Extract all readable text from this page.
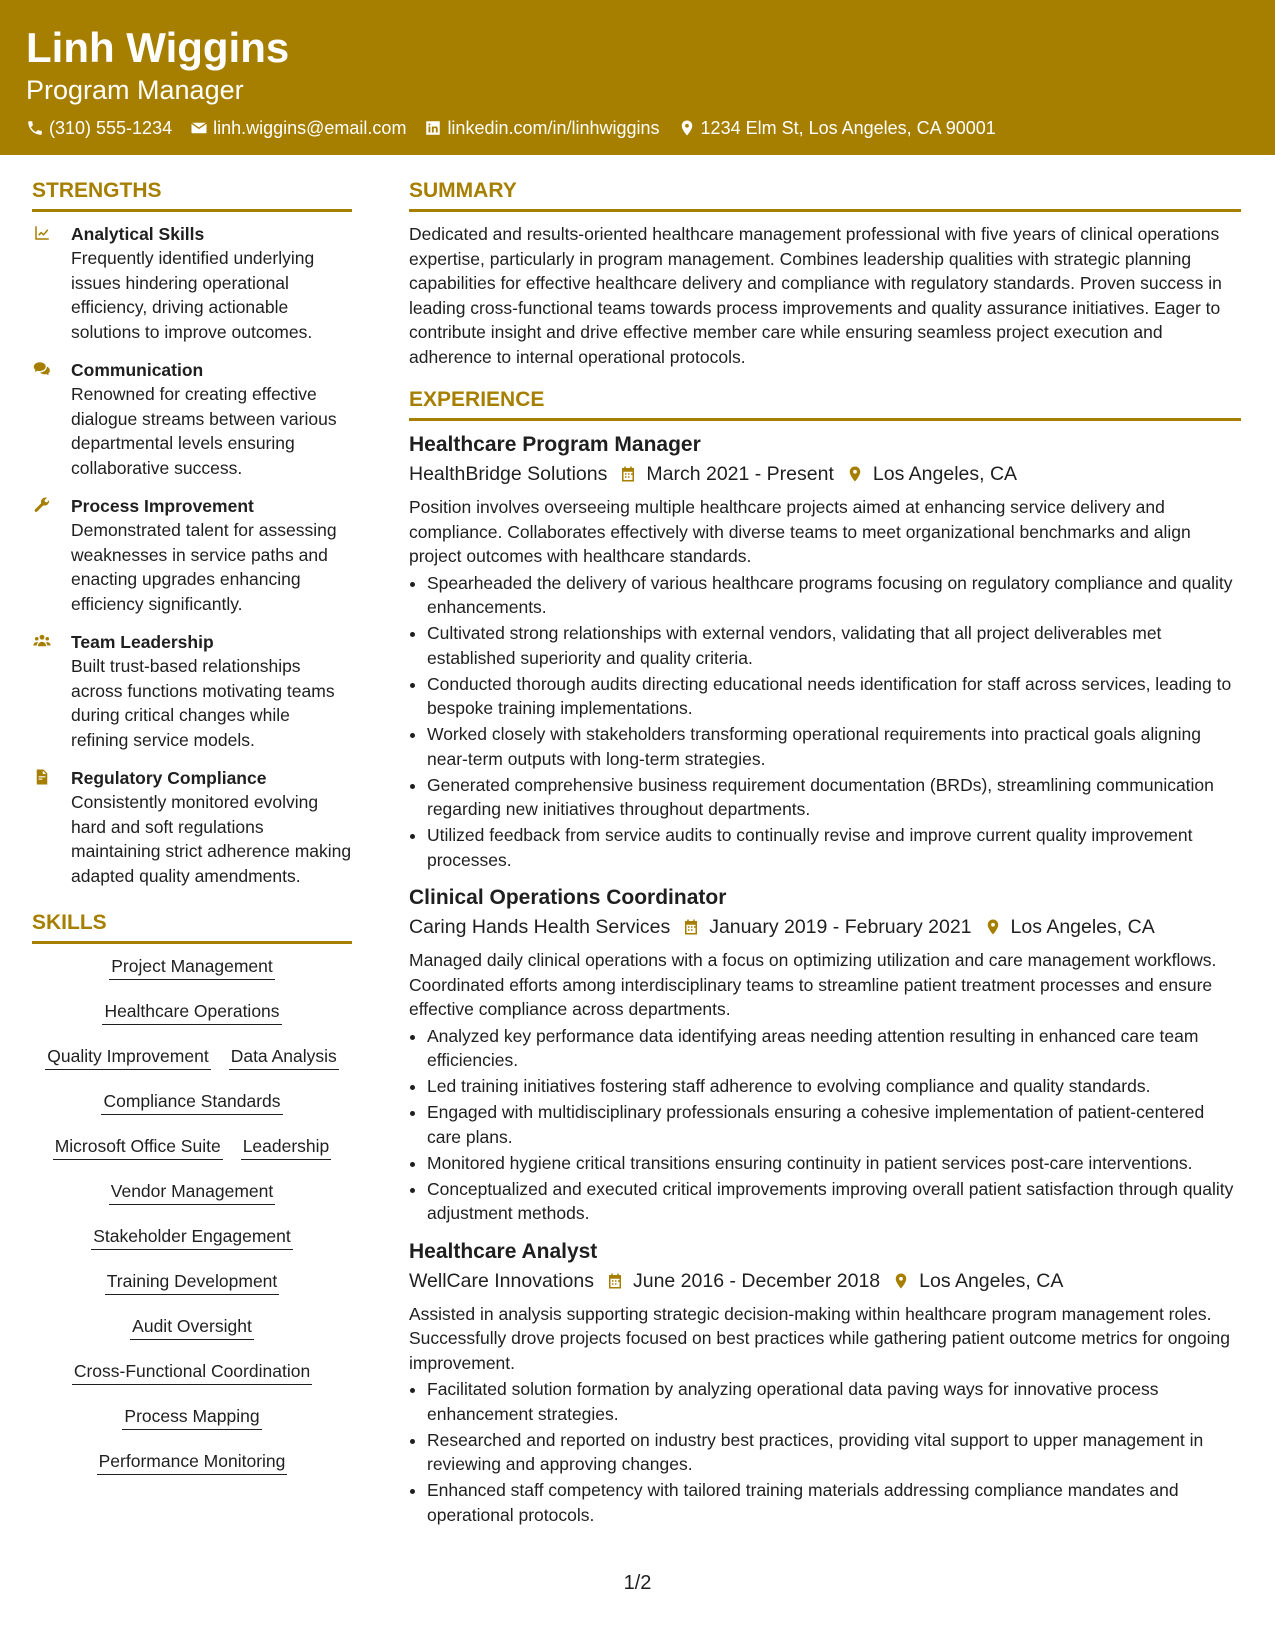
Linh Wiggins
Program Manager
(310) 555-1234 linh.wiggins@email.com linkedin.com/in/linhwiggins 1234 Elm St, Los Angeles, CA 90001
STRENGTHS
Analytical Skills
Frequently identified underlying issues hindering operational efficiency, driving actionable solutions to improve outcomes.
Communication
Renowned for creating effective dialogue streams between various departmental levels ensuring collaborative success.
Process Improvement
Demonstrated talent for assessing weaknesses in service paths and enacting upgrades enhancing efficiency significantly.
Team Leadership
Built trust-based relationships across functions motivating teams during critical changes while refining service models.
Regulatory Compliance
Consistently monitored evolving hard and soft regulations maintaining strict adherence making adapted quality amendments.
SKILLS
Project Management
Healthcare Operations
Quality Improvement Data Analysis
Compliance Standards
Microsoft Office Suite Leadership
Vendor Management
Stakeholder Engagement
Training Development
Audit Oversight
Cross-Functional Coordination
Process Mapping
Performance Monitoring
SUMMARY
Dedicated and results-oriented healthcare management professional with five years of clinical operations expertise, particularly in program management. Combines leadership qualities with strategic planning capabilities for effective healthcare delivery and compliance with regulatory standards. Proven success in leading cross-functional teams towards process improvements and quality assurance initiatives. Eager to contribute insight and drive effective member care while ensuring seamless project execution and adherence to internal operational protocols.
EXPERIENCE
Healthcare Program Manager
HealthBridge Solutions March 2021 - Present Los Angeles, CA
Position involves overseeing multiple healthcare projects aimed at enhancing service delivery and compliance. Collaborates effectively with diverse teams to meet organizational benchmarks and align project outcomes with healthcare standards.
• Spearheaded the delivery of various healthcare programs focusing on regulatory compliance and quality enhancements.
• Cultivated strong relationships with external vendors, validating that all project deliverables met established superiority and quality criteria.
• Conducted thorough audits directing educational needs identification for staff across services, leading to bespoke training implementations.
• Worked closely with stakeholders transforming operational requirements into practical goals aligning near-term outputs with long-term strategies.
• Generated comprehensive business requirement documentation (BRDs), streamlining communication regarding new initiatives throughout departments.
• Utilized feedback from service audits to continually revise and improve current quality improvement processes.
Clinical Operations Coordinator
Caring Hands Health Services January 2019 - February 2021 Los Angeles, CA
Managed daily clinical operations with a focus on optimizing utilization and care management workflows. Coordinated efforts among interdisciplinary teams to streamline patient treatment processes and ensure effective compliance across departments.
• Analyzed key performance data identifying areas needing attention resulting in enhanced care team efficiencies.
• Led training initiatives fostering staff adherence to evolving compliance and quality standards.
• Engaged with multidisciplinary professionals ensuring a cohesive implementation of patient-centered care plans.
• Monitored hygiene critical transitions ensuring continuity in patient services post-care interventions.
• Conceptualized and executed critical improvements improving overall patient satisfaction through quality adjustment methods.
Healthcare Analyst
WellCare Innovations June 2016 - December 2018 Los Angeles, CA
Assisted in analysis supporting strategic decision-making within healthcare program management roles. Successfully drove projects focused on best practices while gathering patient outcome metrics for ongoing improvement.
• Facilitated solution formation by analyzing operational data paving ways for innovative process enhancement strategies.
• Researched and reported on industry best practices, providing vital support to upper management in reviewing and approving changes.
• Enhanced staff competency with tailored training materials addressing compliance mandates and operational protocols.
1/2
